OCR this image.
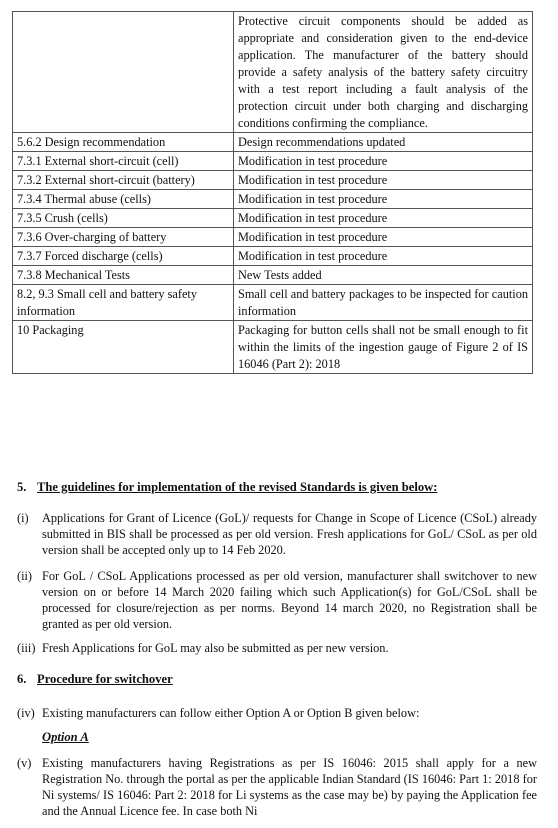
	Protective circuit components should be added as appropriate and consideration given to the end-device application. The manufacturer of the battery should provide a safety analysis of the battery safety circuitry with a test report including a fault analysis of the protection circuit under both charging and discharging conditions confirming the compliance.
5.6.2 Design recommendation	Design recommendations updated
7.3.1 External short-circuit (cell)	Modification in test procedure
7.3.2 External short-circuit (battery)	Modification in test procedure
7.3.4 Thermal abuse (cells)	Modification in test procedure
7.3.5 Crush (cells)	Modification in test procedure
7.3.6 Over-charging of battery	Modification in test procedure
7.3.7 Forced discharge (cells)	Modification in test procedure
7.3.8 Mechanical Tests	New Tests added
8.2, 9.3 Small cell and battery safety information	Small cell and battery packages to be inspected for caution information
10 Packaging	Packaging for button cells shall not be small enough to fit within the limits of the ingestion gauge of Figure 2 of IS 16046 (Part 2): 2018
5. The guidelines for implementation of the revised Standards is given below:
(i) Applications for Grant of Licence (GoL)/ requests for Change in Scope of Licence (CSoL) already submitted in BIS shall be processed as per old version. Fresh applications for GoL/ CSoL as per old version shall be accepted only up to 14 Feb 2020.
(ii) For GoL / CSoL Applications processed as per old version, manufacturer shall switchover to new version on or before 14 March 2020 failing which such Application(s) for GoL/CSoL shall be processed for closure/rejection as per norms. Beyond 14 march 2020, no Registration shall be granted as per old version.
(iii) Fresh Applications for GoL may also be submitted as per new version.
6. Procedure for switchover
(iv) Existing manufacturers can follow either Option A or Option B given below:
Option A
(v) Existing manufacturers having Registrations as per IS 16046: 2015 shall apply for a new Registration No. through the portal as per the applicable Indian Standard (IS 16046: Part 1: 2018 for Ni systems/ IS 16046: Part 2: 2018 for Li systems as the case may be) by paying the Application fee and the Annual Licence fee. In case both Ni
